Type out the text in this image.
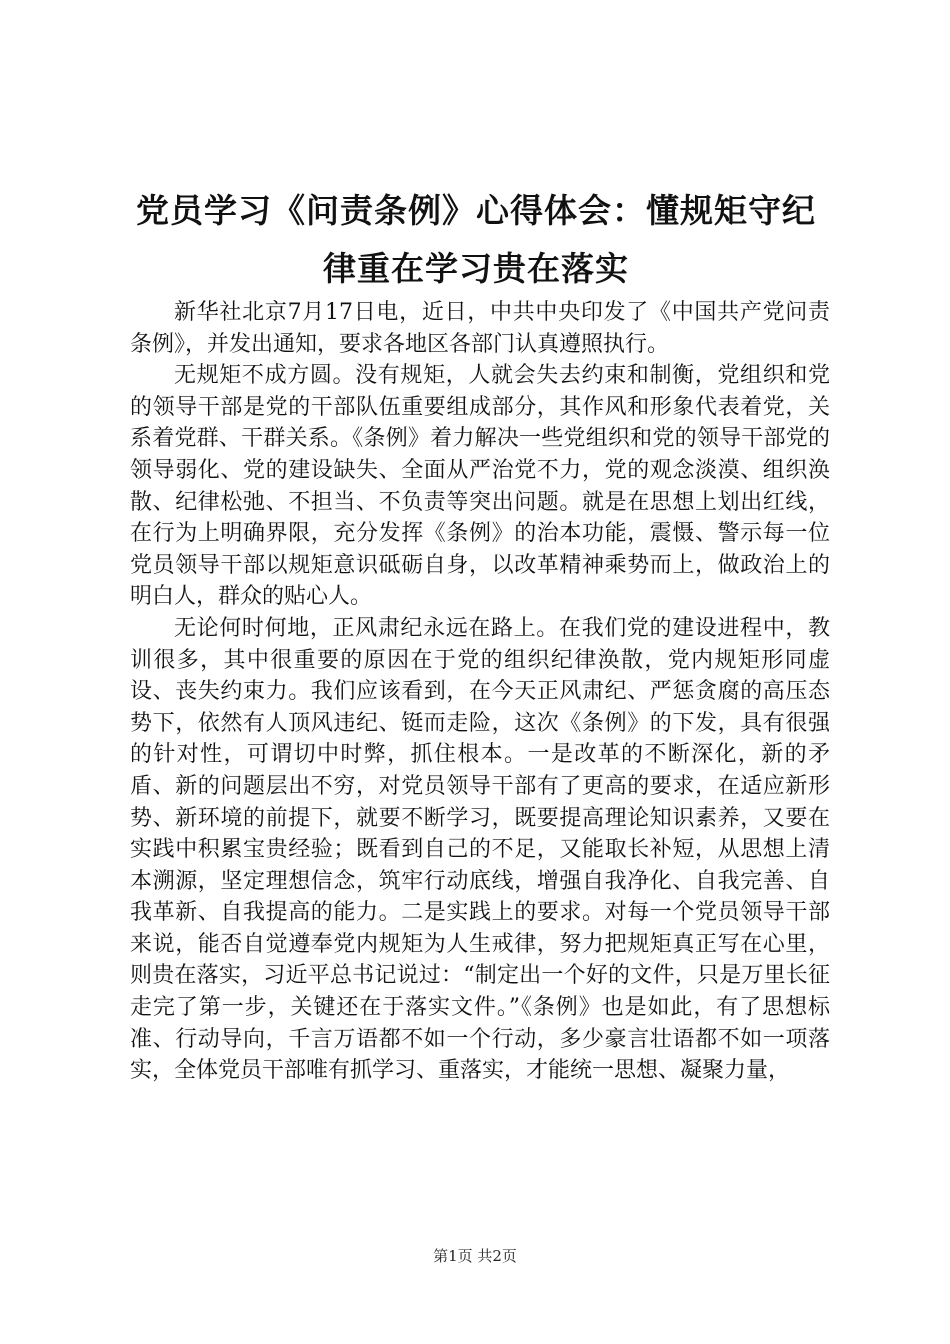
党员学习《问责条例》心得体会：懂规矩守纪
律重在学习贵在落实

新华社北京7月17日电，近日，中共中央印发了《中国共产党问责条例》，并发出通知，要求各地区各部门认真遵照执行。

无规矩不成方圆。没有规矩，人就会失去约束和制衡，党组织和党的领导干部是党的干部队伍重要组成部分，其作风和形象代表着党，关系着党群、干群关系。《条例》着力解决一些党组织和党的领导干部党的领导弱化、党的建设缺失、全面从严治党不力，党的观念淡漠、组织涣散、纪律松弛、不担当、不负责等突出问题。就是在思想上划出红线，在行为上明确界限，充分发挥《条例》的治本功能，震慑、警示每一位党员领导干部以规矩意识砥砺自身，以改革精神乘势而上，做政治上的明白人，群众的贴心人。

无论何时何地，正风肃纪永远在路上。在我们党的建设进程中，教训很多，其中很重要的原因在于党的组织纪律涣散，党内规矩形同虚设、丧失约束力。我们应该看到，在今天正风肃纪、严惩贪腐的高压态势下，依然有人顶风违纪、铤而走险，这次《条例》的下发，具有很强的针对性，可谓切中时弊，抓住根本。一是改革的不断深化，新的矛盾、新的问题层出不穷，对党员领导干部有了更高的要求，在适应新形势、新环境的前提下，就要不断学习，既要提高理论知识素养，又要在实践中积累宝贵经验；既看到自己的不足，又能取长补短，从思想上清本溯源，坚定理想信念，筑牢行动底线，增强自我净化、自我完善、自我革新、自我提高的能力。二是实践上的要求。对每一个党员领导干部来说，能否自觉遵奉党内规矩为人生戒律，努力把规矩真正写在心里，则贵在落实，习近平总书记说过：“制定出一个好的文件，只是万里长征走完了第一步，关键还在于落实文件。”《条例》也是如此，有了思想标准、行动导向，千言万语都不如一个行动，多少豪言壮语都不如一项落实，全体党员干部唯有抓学习、重落实，才能统一思想、凝聚力量，

第1页 共2页
